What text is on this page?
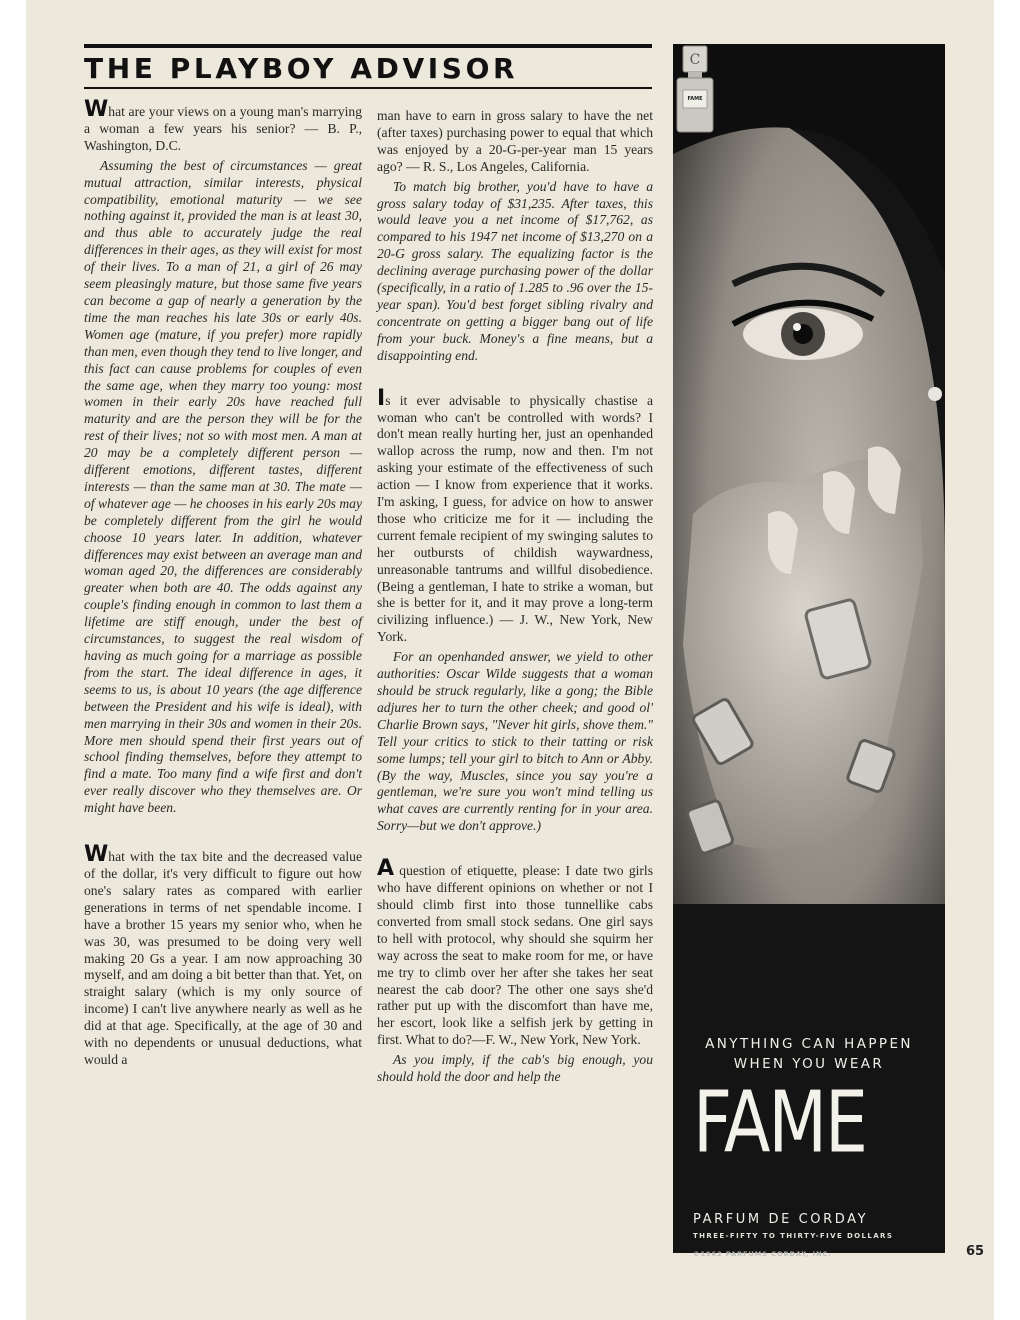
THE PLAYBOY ADVISOR

What are your views on a young man's marrying a woman a few years his senior? — B. P., Washington, D.C.

Assuming the best of circumstances — great mutual attraction, similar interests, physical compatibility, emotional maturity — we see nothing against it, provided the man is at least 30, and thus able to accurately judge the real differences in their ages, as they will exist for most of their lives. To a man of 21, a girl of 26 may seem pleasingly mature, but those same five years can become a gap of nearly a generation by the time the man reaches his late 30s or early 40s. Women age (mature, if you prefer) more rapidly than men, even though they tend to live longer, and this fact can cause problems for couples of even the same age, when they marry too young: most women in their early 20s have reached full maturity and are the person they will be for the rest of their lives; not so with most men. A man at 20 may be a completely different person — different emotions, different tastes, different interests — than the same man at 30. The mate — of whatever age — he chooses in his early 20s may be completely different from the girl he would choose 10 years later. In addition, whatever differences may exist between an average man and woman aged 20, the differences are considerably greater when both are 40. The odds against any couple's finding enough in common to last them a lifetime are stiff enough, under the best of circumstances, to suggest the real wisdom of having as much going for a marriage as possible from the start. The ideal difference in ages, it seems to us, is about 10 years (the age difference between the President and his wife is ideal), with men marrying in their 30s and women in their 20s. More men should spend their first years out of school finding themselves, before they attempt to find a mate. Too many find a wife first and don't ever really discover who they themselves are. Or might have been.

What with the tax bite and the decreased value of the dollar, it's very difficult to figure out how one's salary rates as compared with earlier generations in terms of net spendable income. I have a brother 15 years my senior who, when he was 30, was presumed to be doing very well making 20 Gs a year. I am now approaching 30 myself, and am doing a bit better than that. Yet, on straight salary (which is my only source of income) I can't live anywhere nearly as well as he did at that age. Specifically, at the age of 30 and with no dependents or unusual deductions, what would a

man have to earn in gross salary to have the net (after taxes) purchasing power to equal that which was enjoyed by a 20-G-per-year man 15 years ago? — R. S., Los Angeles, California.

To match big brother, you'd have to have a gross salary today of $31,235. After taxes, this would leave you a net income of $17,762, as compared to his 1947 net income of $13,270 on a 20-G gross salary. The equalizing factor is the declining average purchasing power of the dollar (specifically, in a ratio of 1.285 to .96 over the 15-year span). You'd best forget sibling rivalry and concentrate on getting a bigger bang out of life from your buck. Money's a fine means, but a disappointing end.

Is it ever advisable to physically chastise a woman who can't be controlled with words? I don't mean really hurting her, just an openhanded wallop across the rump, now and then. I'm not asking your estimate of the effectiveness of such action — I know from experience that it works. I'm asking, I guess, for advice on how to answer those who criticize me for it — including the current female recipient of my swinging salutes to her outbursts of childish waywardness, unreasonable tantrums and willful disobedience. (Being a gentleman, I hate to strike a woman, but she is better for it, and it may prove a long-term civilizing influence.) — J. W., New York, New York.

For an openhanded answer, we yield to other authorities: Oscar Wilde suggests that a woman should be struck regularly, like a gong; the Bible adjures her to turn the other cheek; and good ol' Charlie Brown says, "Never hit girls, shove them." Tell your critics to stick to their tatting or risk some lumps; tell your girl to bitch to Ann or Abby. (By the way, Muscles, since you say you're a gentleman, we're sure you won't mind telling us what caves are currently renting for in your area. Sorry—but we don't approve.)

A question of etiquette, please: I date two girls who have different opinions on whether or not I should climb first into those tunnellike cabs converted from small stock sedans. One girl says to hell with protocol, why should she squirm her way across the seat to make room for me, or have me try to climb over her after she takes her seat nearest the cab door? The other one says she'd rather put up with the discomfort than have me, her escort, look like a selfish jerk by getting in first. What to do?—F. W., New York, New York.

As you imply, if the cab's big enough, you should hold the door and help the

ANYTHING CAN HAPPEN
WHEN YOU WEAR
FAME
C
FAME
PARFUM DE CORDAY
THREE-FIFTY TO THIRTY-FIVE DOLLARS
©1962 PARFUMS CORDAY, INC.	65
